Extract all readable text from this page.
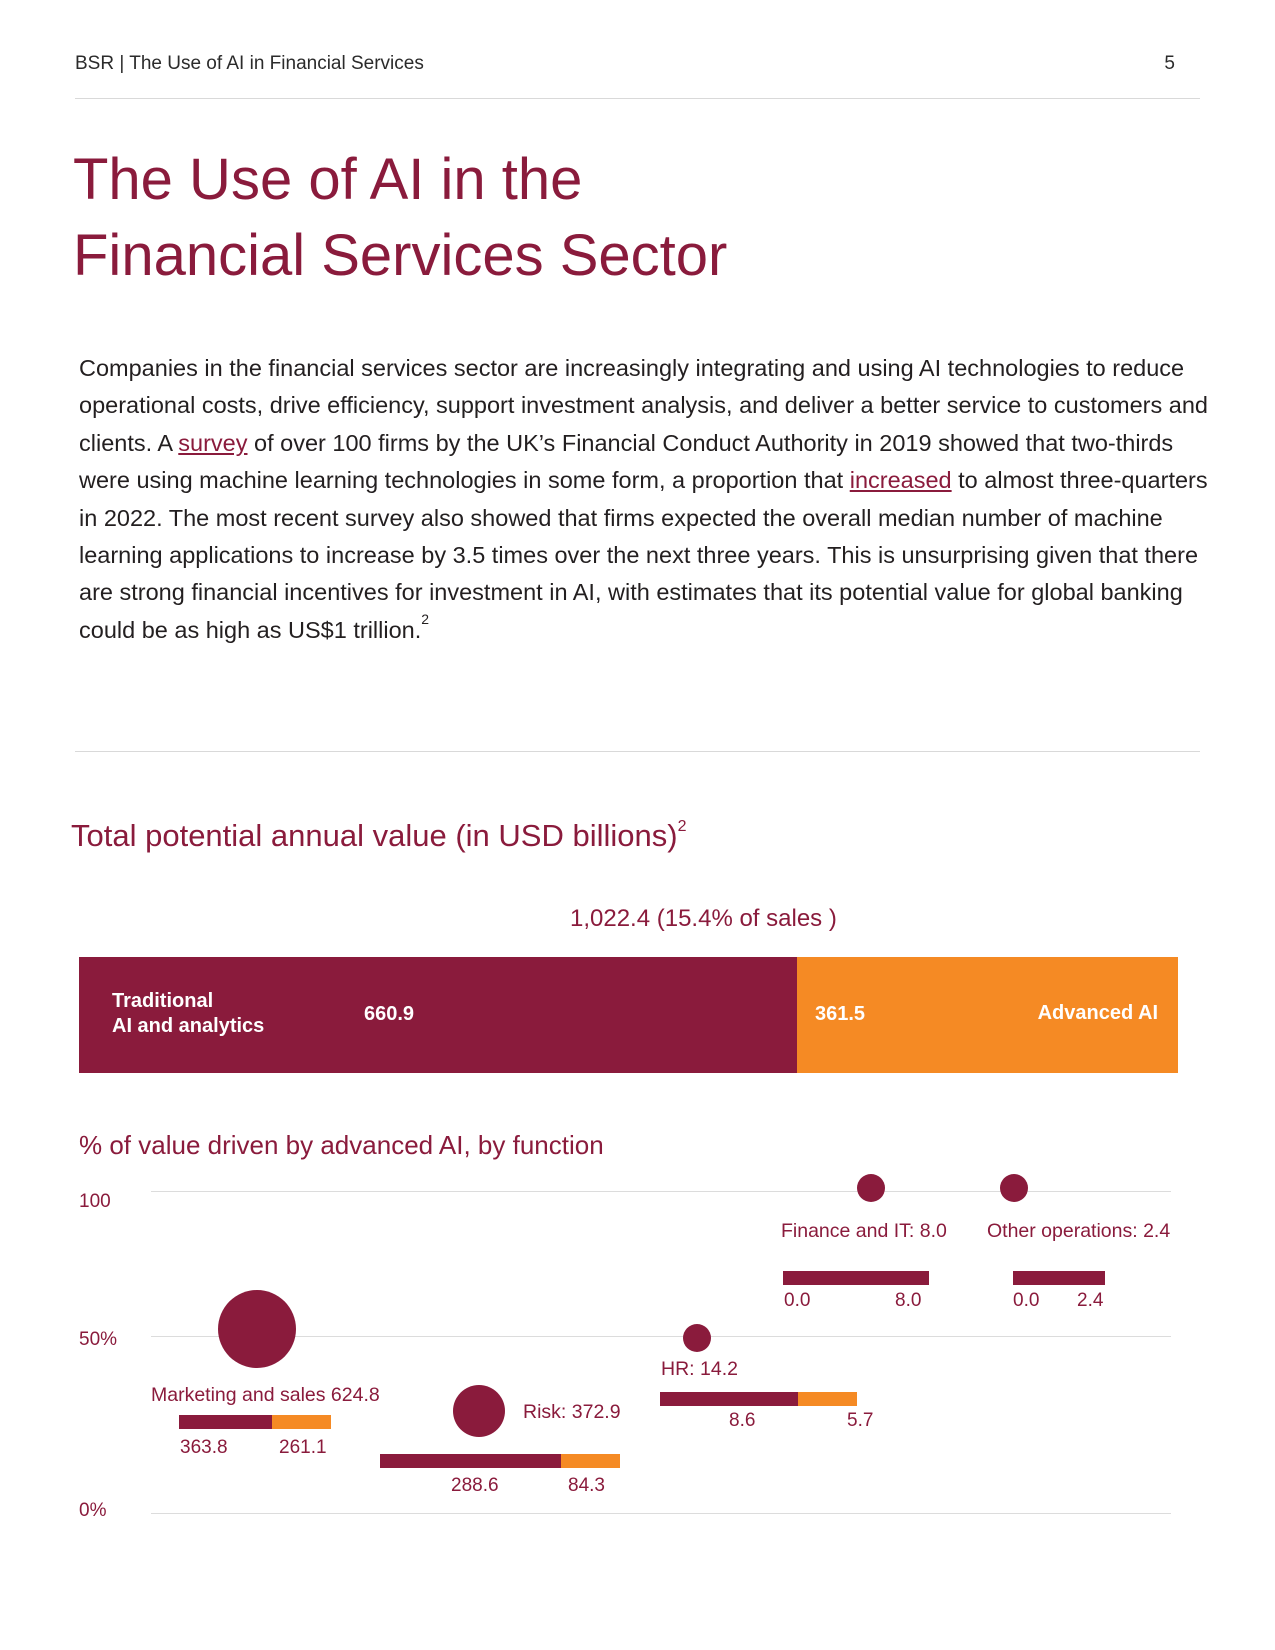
BSR | The Use of AI in Financial Services	5
The Use of AI in the
Financial Services Sector

Companies in the financial services sector are increasingly integrating and using AI technologies to reduce operational costs, drive efficiency, support investment analysis, and deliver a better service to customers and clients. A survey of over 100 firms by the UK’s Financial Conduct Authority in 2019 showed that two-thirds were using machine learning technologies in some form, a proportion that increased to almost three-quarters in 2022. The most recent survey also showed that firms expected the overall median number of machine learning applications to increase by 3.5 times over the next three years. This is unsurprising given that there are strong financial incentives for investment in AI, with estimates that its potential value for global banking could be as high as US$1 trillion.$^2$

Total potential annual value (in USD billions)$^2$
1,022.4 (15.4% of sales )
Traditional
AI and analytics
660.9	361.5	Advanced AI
% of value driven by advanced AI, by function
100
50%
0%
Marketing and sales 624.8
363.8	261.1
Risk: 372.9
288.6	84.3
HR: 14.2
8.6	5.7
Finance and IT: 8.0
0.0	8.0
Other operations: 2.4
0.0 2.4
